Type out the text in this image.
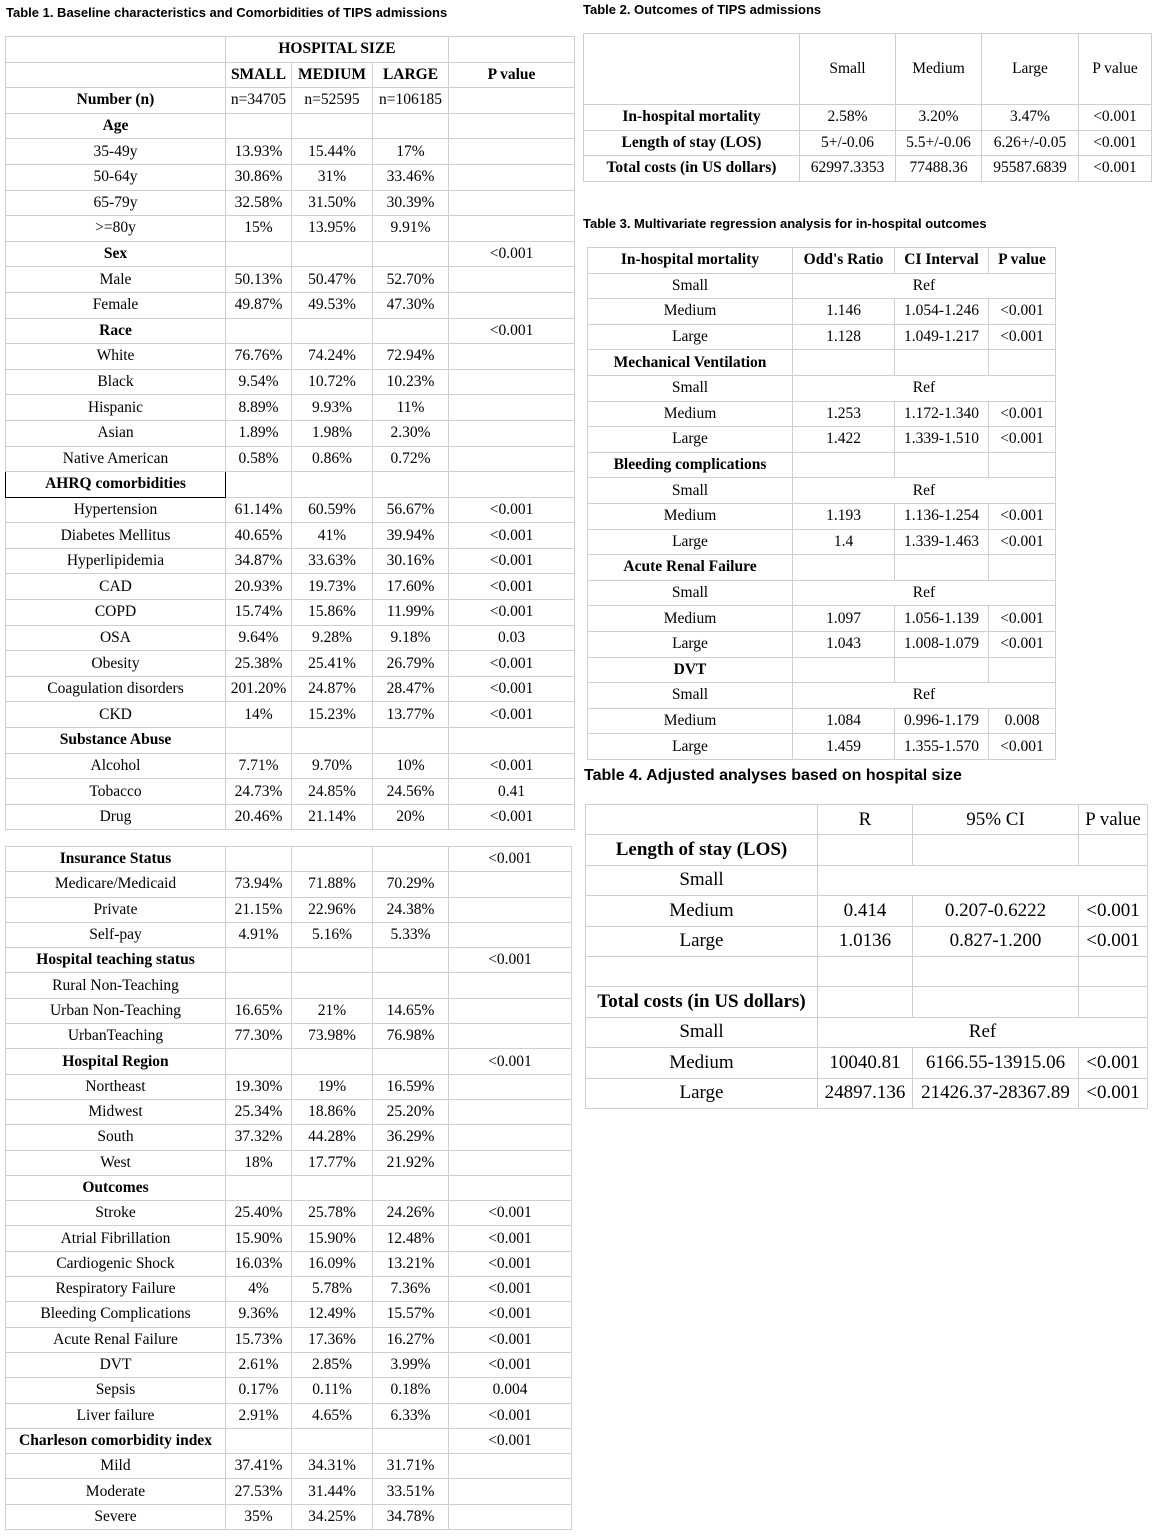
Table 1. Baseline characteristics and Comorbidities of TIPS admissions
	HOSPITAL SIZE			
	SMALL	MEDIUM	LARGE	P value
Number (n)	n=34705	n=52595	n=106185	
Age				
35-49y	13.93%	15.44%	17%	
50-64y	30.86%	31%	33.46%	
65-79y	32.58%	31.50%	30.39%	
>=80y	15%	13.95%	9.91%	
Sex				<0.001
Male	50.13%	50.47%	52.70%	
Female	49.87%	49.53%	47.30%	
Race				<0.001
White	76.76%	74.24%	72.94%	
Black	9.54%	10.72%	10.23%	
Hispanic	8.89%	9.93%	11%	
Asian	1.89%	1.98%	2.30%	
Native American	0.58%	0.86%	0.72%	
AHRQ comorbidities				
Hypertension	61.14%	60.59%	56.67%	<0.001
Diabetes Mellitus	40.65%	41%	39.94%	<0.001
Hyperlipidemia	34.87%	33.63%	30.16%	<0.001
CAD	20.93%	19.73%	17.60%	<0.001
COPD	15.74%	15.86%	11.99%	<0.001
OSA	9.64%	9.28%	9.18%	0.03
Obesity	25.38%	25.41%	26.79%	<0.001
Coagulation disorders	201.20%	24.87%	28.47%	<0.001
CKD	14%	15.23%	13.77%	<0.001
Substance Abuse				
Alcohol	7.71%	9.70%	10%	<0.001
Tobacco	24.73%	24.85%	24.56%	0.41
Drug	20.46%	21.14%	20%	<0.001
Insurance Status				<0.001
Medicare/Medicaid	73.94%	71.88%	70.29%	
Private	21.15%	22.96%	24.38%	
Self-pay	4.91%	5.16%	5.33%	
Hospital teaching status				<0.001
Rural Non-Teaching				
Urban Non-Teaching	16.65%	21%	14.65%	
UrbanTeaching	77.30%	73.98%	76.98%	
Hospital Region				<0.001
Northeast	19.30%	19%	16.59%	
Midwest	25.34%	18.86%	25.20%	
South	37.32%	44.28%	36.29%	
West	18%	17.77%	21.92%	
Outcomes				
Stroke	25.40%	25.78%	24.26%	<0.001
Atrial Fibrillation	15.90%	15.90%	12.48%	<0.001
Cardiogenic Shock	16.03%	16.09%	13.21%	<0.001
Respiratory Failure	4%	5.78%	7.36%	<0.001
Bleeding Complications	9.36%	12.49%	15.57%	<0.001
Acute Renal Failure	15.73%	17.36%	16.27%	<0.001
DVT	2.61%	2.85%	3.99%	<0.001
Sepsis	0.17%	0.11%	0.18%	0.004
Liver failure	2.91%	4.65%	6.33%	<0.001
Charleson comorbidity index				<0.001
Mild	37.41%	34.31%	31.71%	
Moderate	27.53%	31.44%	33.51%	
Severe	35%	34.25%	34.78%	
Table 2. Outcomes of TIPS admissions
	Small	Medium	Large	P value
In-hospital mortality	2.58%	3.20%	3.47%	<0.001
Length of stay (LOS)	5+/-0.06	5.5+/-0.06	6.26+/-0.05	<0.001
Total costs (in US dollars)	62997.3353	77488.36	95587.6839	<0.001
Table 3. Multivariate regression analysis for in-hospital outcomes
In-hospital mortality	Odd's Ratio	CI Interval	P value
Small	Ref		
Medium	1.146	1.054-1.246	<0.001
Large	1.128	1.049-1.217	<0.001
Mechanical Ventilation			
Small	Ref		
Medium	1.253	1.172-1.340	<0.001
Large	1.422	1.339-1.510	<0.001
Bleeding complications			
Small	Ref		
Medium	1.193	1.136-1.254	<0.001
Large	1.4	1.339-1.463	<0.001
Acute Renal Failure			
Small	Ref		
Medium	1.097	1.056-1.139	<0.001
Large	1.043	1.008-1.079	<0.001
DVT			
Small	Ref		
Medium	1.084	0.996-1.179	0.008
Large	1.459	1.355-1.570	<0.001
Table 4. Adjusted analyses based on hospital size
	R	95% CI	P value
Length of stay (LOS)			
Small			
Medium	0.414	0.207-0.6222	<0.001
Large	1.0136	0.827-1.200	<0.001

Total costs (in US dollars)			
Small	Ref		
Medium	10040.81	6166.55-13915.06	<0.001
Large	24897.136	21426.37-28367.89	<0.001
